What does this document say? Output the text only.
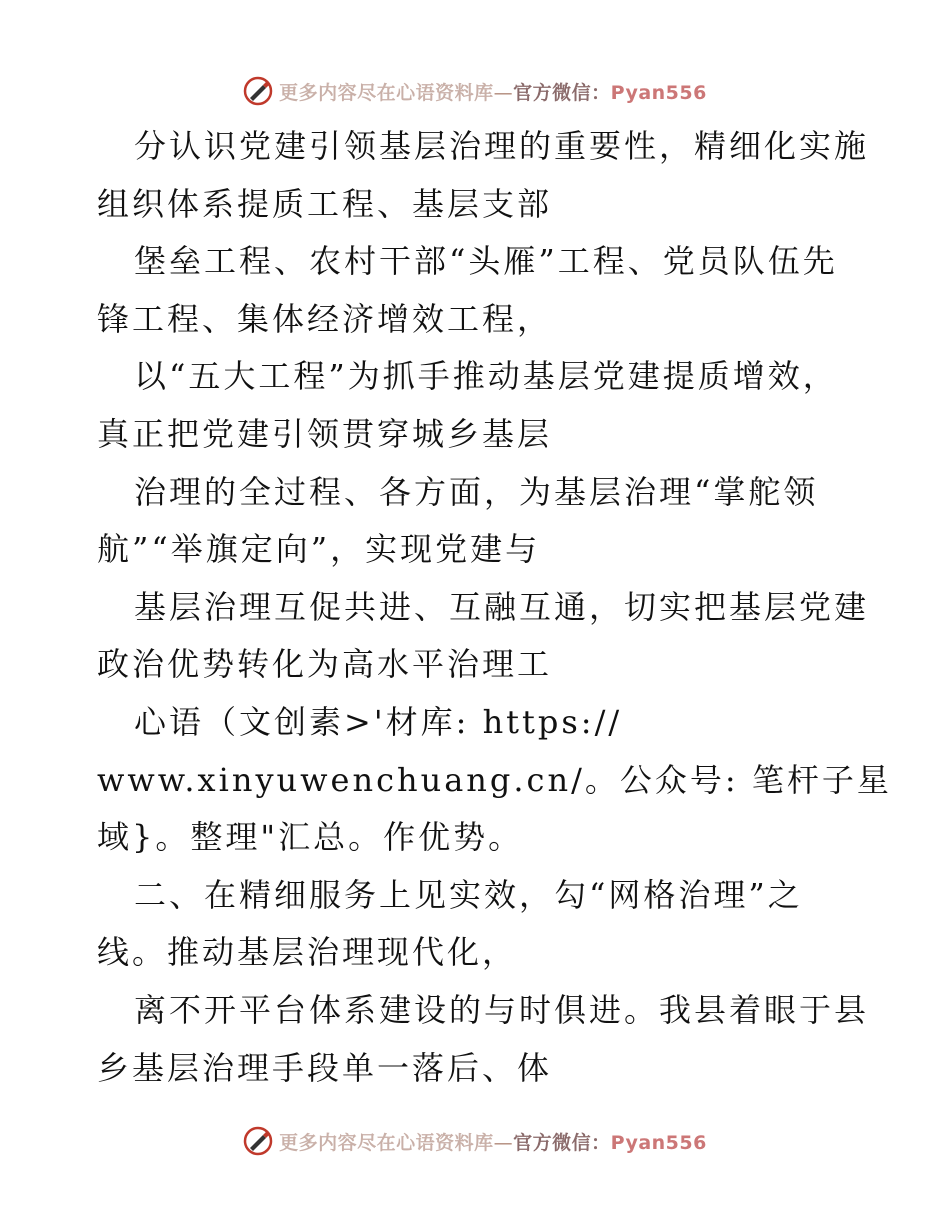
更多内容尽在心语资料库—官方微信：Pyan556
分认识党建引领基层治理的重要性，精细化实施
组织体系提质工程、基层支部
堡垒工程、农村干部“头雁”工程、党员队伍先
锋工程、集体经济增效工程，
以“五大工程”为抓手推动基层党建提质增效，
真正把党建引领贯穿城乡基层
治理的全过程、各方面，为基层治理“掌舵领
航”“举旗定向”，实现党建与
基层治理互促共进、互融互通，切实把基层党建
政治优势转化为高水平治理工
心语（文创素>'材库: https://
www.xinyuwenchuang.cn/。公众号: 笔杆子星
域}。整理"汇总。作优势。
二、在精细服务上见实效，勾“网格治理”之
线。推动基层治理现代化，
离不开平台体系建设的与时俱进。我县着眼于县
乡基层治理手段单一落后、体
更多内容尽在心语资料库—官方微信：Pyan556
